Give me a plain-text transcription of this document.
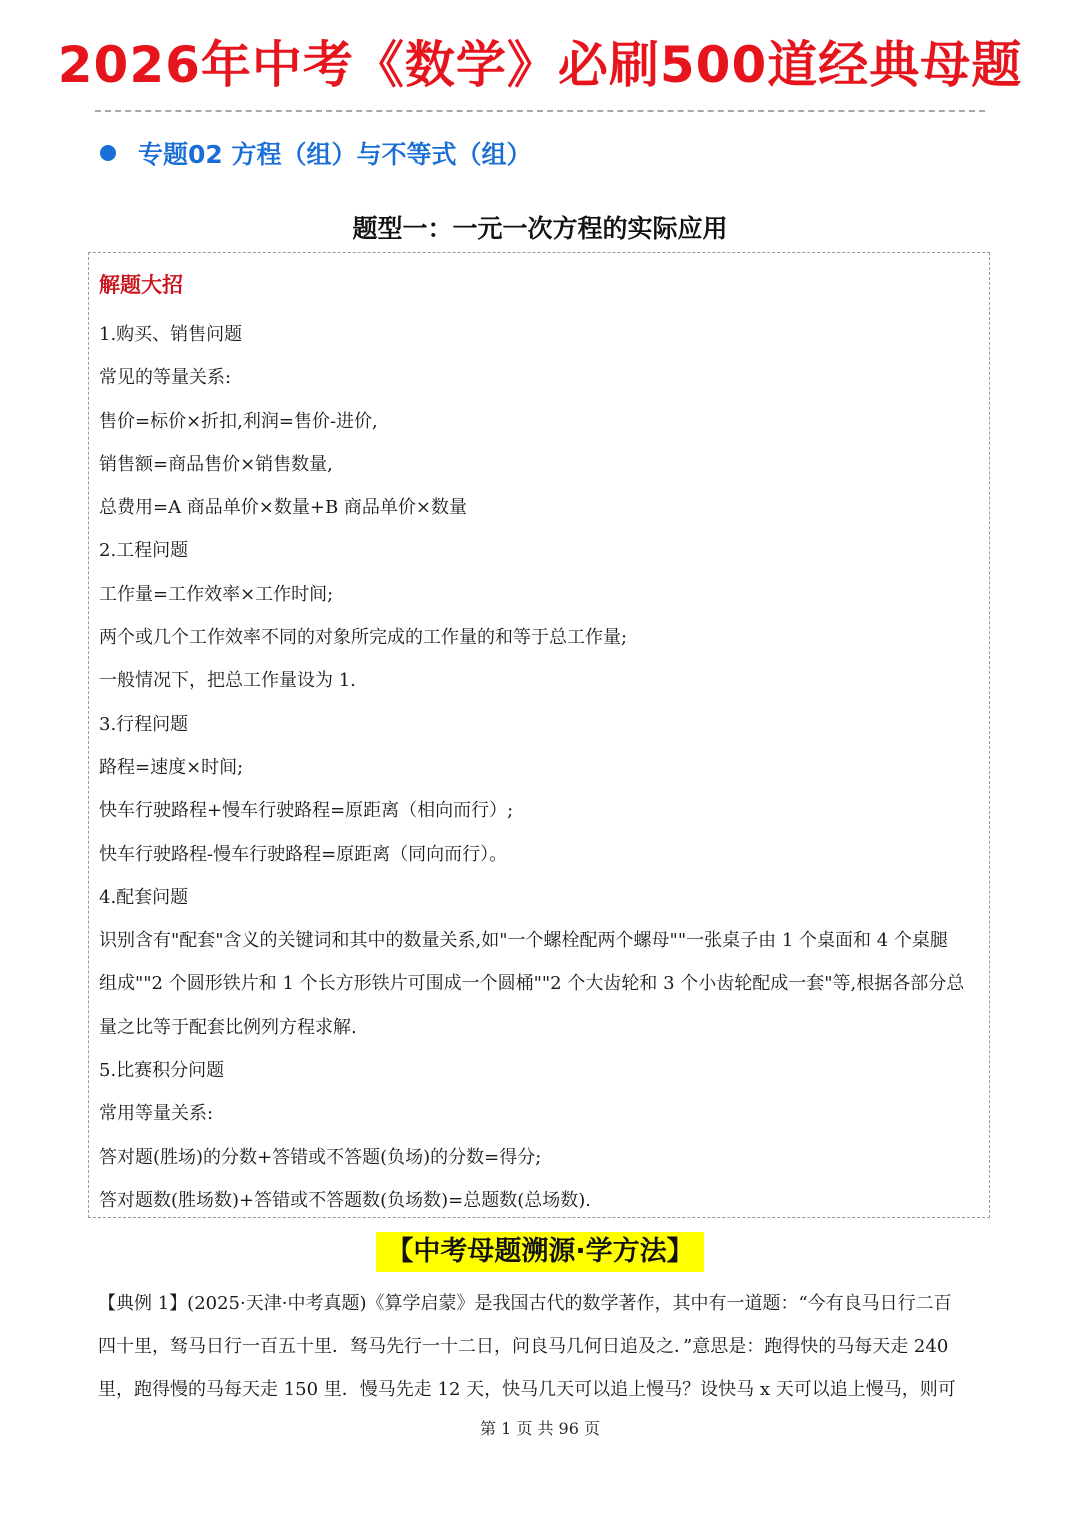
2026年中考《数学》必刷500道经典母题
专题02 方程（组）与不等式（组）
题型一：一元一次方程的实际应用
解题大招
1.购买、销售问题
常见的等量关系:
售价=标价×折扣,利润=售价-进价,
销售额=商品售价×销售数量,
总费用=A 商品单价×数量+B 商品单价×数量
2.工程问题
工作量=工作效率×工作时间;
两个或几个工作效率不同的对象所完成的工作量的和等于总工作量;
一般情况下，把总工作量设为 1.
3.行程问题
路程=速度×时间;
快车行驶路程+慢车行驶路程=原距离（相向而行）;
快车行驶路程-慢车行驶路程=原距离（同向而行）。
4.配套问题
识别含有"配套"含义的关键词和其中的数量关系,如"一个螺栓配两个螺母""一张桌子由 1 个桌面和 4 个桌腿
组成""2 个圆形铁片和 1 个长方形铁片可围成一个圆桶""2 个大齿轮和 3 个小齿轮配成一套"等,根据各部分总
量之比等于配套比例列方程求解.
5.比赛积分问题
常用等量关系:
答对题(胜场)的分数+答错或不答题(负场)的分数=得分;
答对题数(胜场数)+答错或不答题数(负场数)=总题数(总场数).
【中考母题溯源·学方法】
【典例 1】(2025·天津·中考真题)《算学启蒙》是我国古代的数学著作，其中有一道题：“今有良马日行二百
四十里，驽马日行一百五十里．驽马先行一十二日，问良马几何日追及之．”意思是：跑得快的马每天走 240
里，跑得慢的马每天走 150 里．慢马先走 12 天，快马几天可以追上慢马？设快马 x 天可以追上慢马，则可
第 1 页 共 96 页
